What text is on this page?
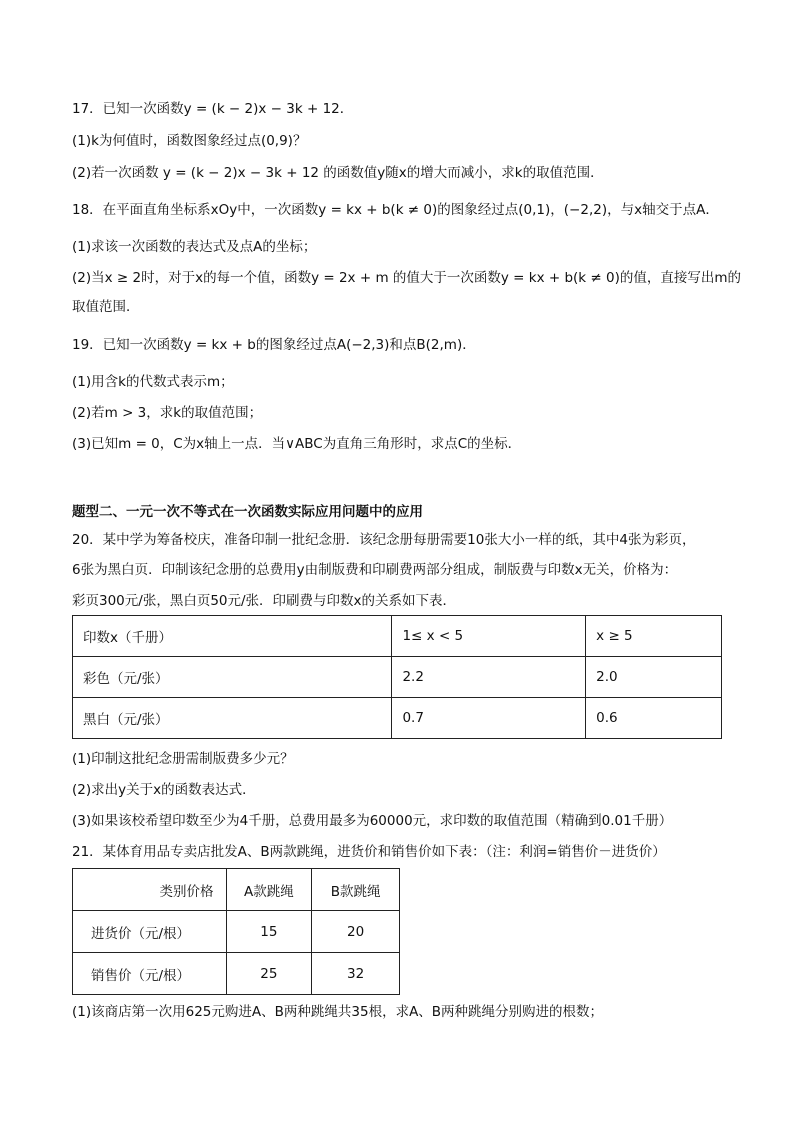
17．已知一次函数y = (k − 2)x − 3k + 12．
(1)k为何值时，函数图象经过点(0,9)？
(2)若一次函数 y = (k − 2)x − 3k + 12 的函数值y随x的增大而减小，求k的取值范围．
18．在平面直角坐标系xOy中，一次函数y = kx + b(k ≠ 0)的图象经过点(0,1)，(−2,2)，与x轴交于点A．
(1)求该一次函数的表达式及点A的坐标；
(2)当x ≥ 2时，对于x的每一个值，函数y = 2x + m 的值大于一次函数y = kx + b(k ≠ 0)的值，直接写出m的
取值范围．
19．已知一次函数y = kx + b的图象经过点A(−2,3)和点B(2,m)．
(1)用含k的代数式表示m；
(2)若m > 3，求k的取值范围；
(3)已知m = 0，C为x轴上一点．当∨ABC为直角三角形时，求点C的坐标．
题型二、一元一次不等式在一次函数实际应用问题中的应用
20．某中学为筹备校庆，准备印制一批纪念册．该纪念册每册需要10张大小一样的纸，其中4张为彩页，
6张为黑白页．印制该纪念册的总费用y由制版费和印刷费两部分组成，制版费与印数x无关，价格为：
彩页300元/张，黑白页50元/张．印刷费与印数x的关系如下表．
印数x（千册）	1≤ x < 5	x ≥ 5
彩色（元/张）	2.2	2.0
黑白（元/张）	0.7	0.6
(1)印制这批纪念册需制版费多少元？
(2)求出y关于x的函数表达式．
(3)如果该校希望印数至少为4千册，总费用最多为60000元，求印数的取值范围（精确到0.01千册）
21．某体育用品专卖店批发A、B两款跳绳，进货价和销售价如下表：（注：利润=销售价－进货价）
类别价格	A款跳绳	B款跳绳
进货价（元/根）	15	20
销售价（元/根）	25	32
(1)该商店第一次用625元购进A、B两种跳绳共35根，求A、B两种跳绳分别购进的根数；
